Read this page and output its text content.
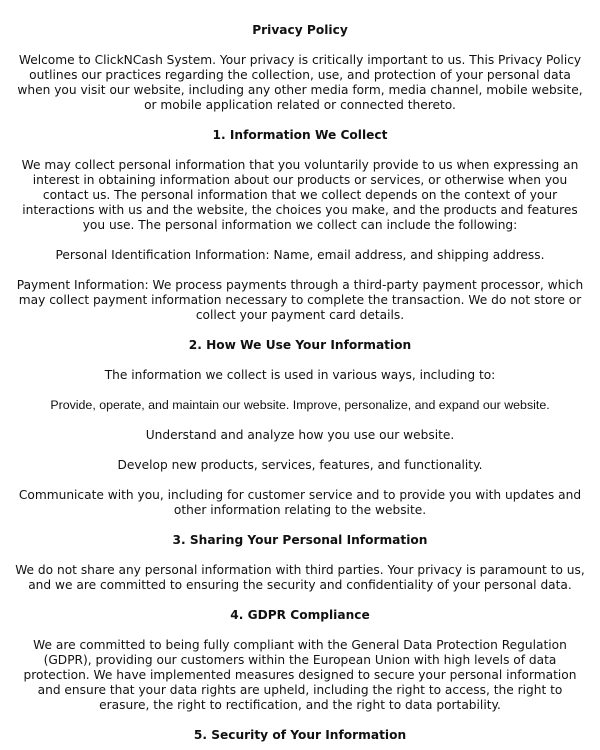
Privacy Policy

Welcome to ClickNCash System. Your privacy is critically important to us. This Privacy Policy outlines our practices regarding the collection, use, and protection of your personal data when you visit our website, including any other media form, media channel, mobile website, or mobile application related or connected thereto.

1. Information We Collect

We may collect personal information that you voluntarily provide to us when expressing an interest in obtaining information about our products or services, or otherwise when you contact us. The personal information that we collect depends on the context of your interactions with us and the website, the choices you make, and the products and features you use. The personal information we collect can include the following:

Personal Identification Information: Name, email address, and shipping address.

Payment Information: We process payments through a third-party payment processor, which may collect payment information necessary to complete the transaction. We do not store or collect your payment card details.

2. How We Use Your Information

The information we collect is used in various ways, including to:

Provide, operate, and maintain our website. Improve, personalize, and expand our website.

Understand and analyze how you use our website.

Develop new products, services, features, and functionality.

Communicate with you, including for customer service and to provide you with updates and other information relating to the website.

3. Sharing Your Personal Information

We do not share any personal information with third parties. Your privacy is paramount to us, and we are committed to ensuring the security and confidentiality of your personal data.

4. GDPR Compliance

We are committed to being fully compliant with the General Data Protection Regulation (GDPR), providing our customers within the European Union with high levels of data protection. We have implemented measures designed to secure your personal information and ensure that your data rights are upheld, including the right to access, the right to erasure, the right to rectification, and the right to data portability.

5. Security of Your Information
